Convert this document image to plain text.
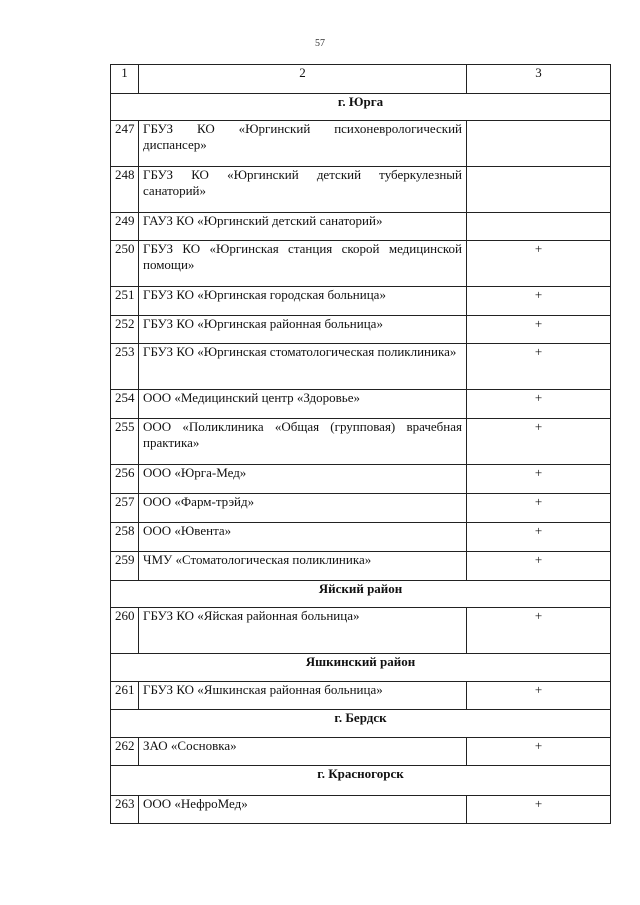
57
1	2	3
г. Юрга		
247	ГБУЗ КО «Юргинский психоневрологический диспансер»	
248	ГБУЗ КО «Юргинский детский туберкулезный санаторий»	
249	ГАУЗ КО «Юргинский детский санаторий»	
250	ГБУЗ КО «Юргинская станция скорой медицинской помощи»	+
251	ГБУЗ КО «Юргинская городская больница»	+
252	ГБУЗ КО «Юргинская районная больница»	+
253	ГБУЗ КО «Юргинская стоматологическая поликлиника»	+
254	ООО «Медицинский центр «Здоровье»	+
255	ООО «Поликлиника «Общая (групповая) врачебная практика»	+
256	ООО «Юрга-Мед»	+
257	ООО «Фарм-трэйд»	+
258	ООО «Ювента»	+
259	ЧМУ «Стоматологическая поликлиника»	+
Яйский район		
260	ГБУЗ КО «Яйская районная больница»	+
Яшкинский район		
261	ГБУЗ КО «Яшкинская районная больница»	+
г. Бердск		
262	ЗАО «Сосновка»	+
г. Красногорск		
263	ООО «НефроМед»	+
